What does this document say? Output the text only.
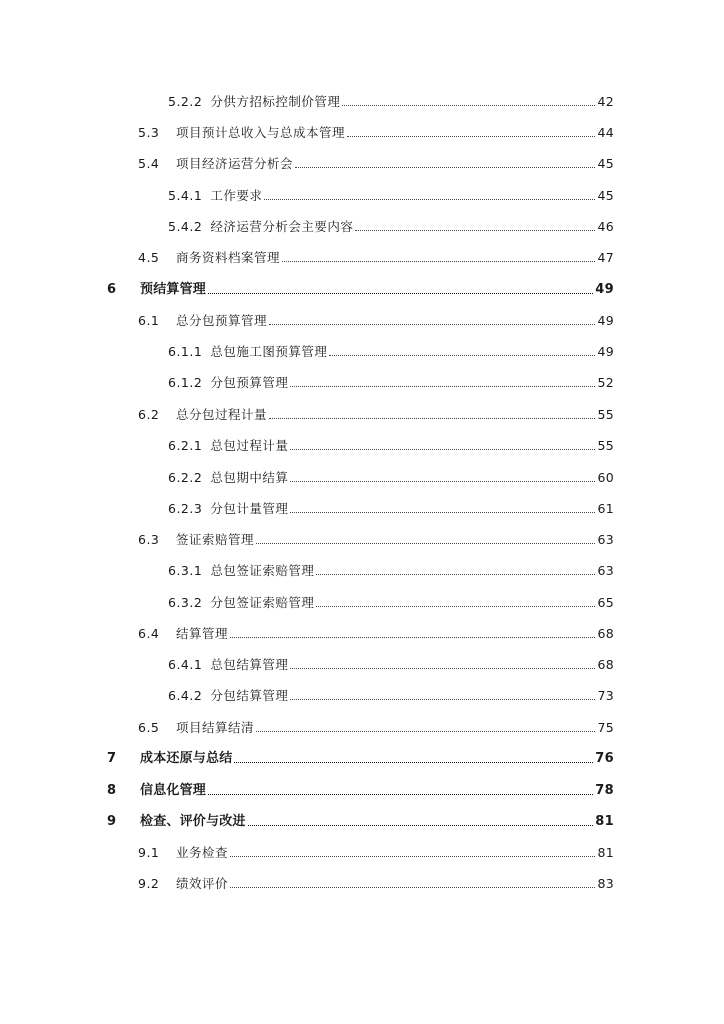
5.2.2 分供方招标控制价管理	42
5.3	项目预计总收入与总成本管理	44
5.4	项目经济运营分析会	45
5.4.1 工作要求	45
5.4.2 经济运营分析会主要内容	46
4.5	商务资料档案管理	47
6	预结算管理	49
6.1	总分包预算管理	49
6.1.1 总包施工图预算管理	49
6.1.2 分包预算管理	52
6.2	总分包过程计量	55
6.2.1 总包过程计量	55
6.2.2 总包期中结算	60
6.2.3 分包计量管理	61
6.3	签证索赔管理	63
6.3.1 总包签证索赔管理	63
6.3.2 分包签证索赔管理	65
6.4	结算管理	68
6.4.1 总包结算管理	68
6.4.2 分包结算管理	73
6.5	项目结算结清	75
7	成本还原与总结	76
8	信息化管理	78
9	检查、评价与改进	81
9.1	业务检查	81
9.2	绩效评价	83
